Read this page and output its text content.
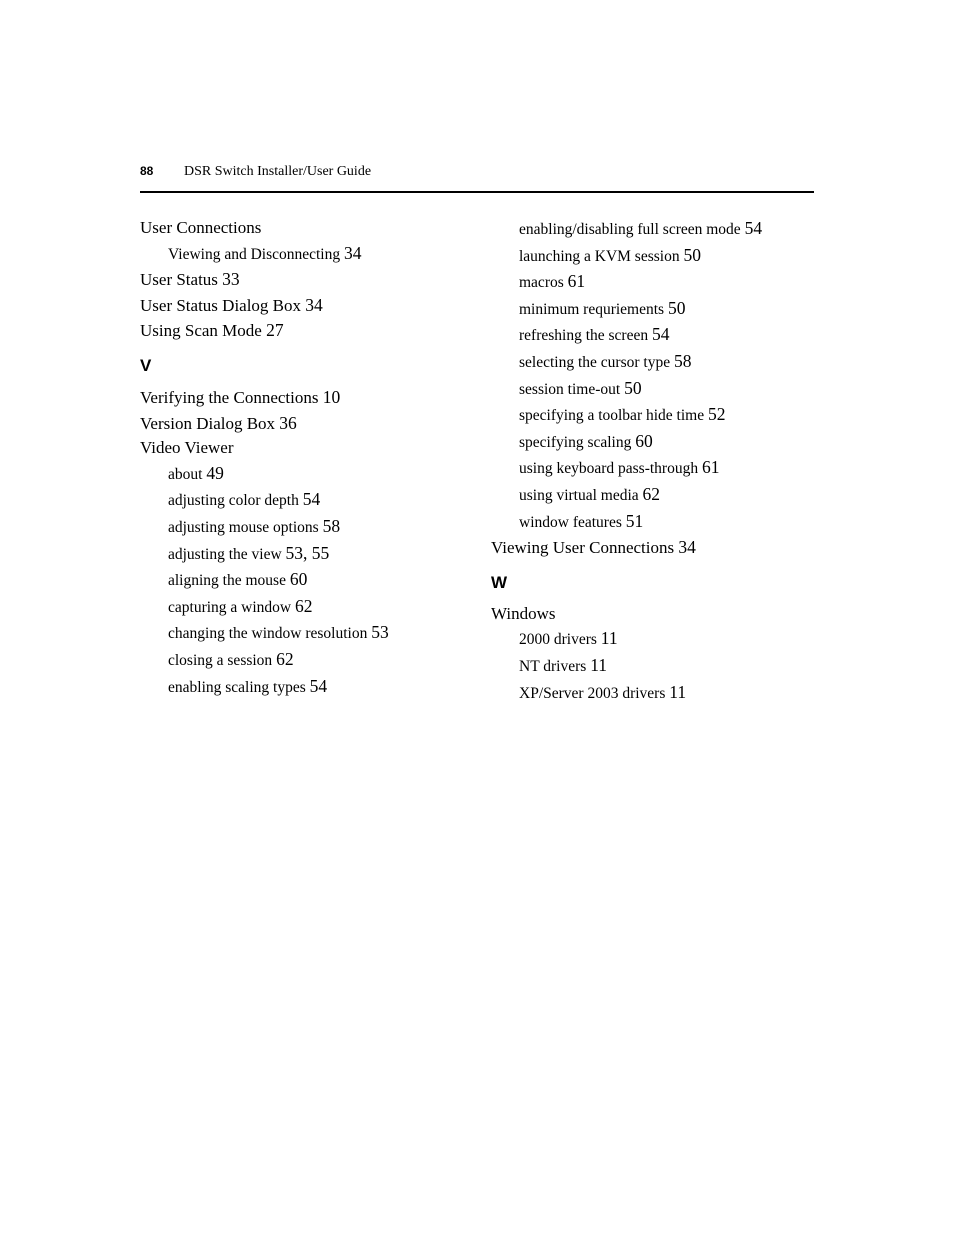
88 DSR Switch Installer/User Guide
User Connections
Viewing and Disconnecting 34
User Status 33
User Status Dialog Box 34
Using Scan Mode 27
V
Verifying the Connections 10
Version Dialog Box 36
Video Viewer
about 49
adjusting color depth 54
adjusting mouse options 58
adjusting the view 53, 55
aligning the mouse 60
capturing a window 62
changing the window resolution 53
closing a session 62
enabling scaling types 54
enabling/disabling full screen mode 54
launching a KVM session 50
macros 61
minimum requriements 50
refreshing the screen 54
selecting the cursor type 58
session time-out 50
specifying a toolbar hide time 52
specifying scaling 60
using keyboard pass-through 61
using virtual media 62
window features 51
Viewing User Connections 34
W
Windows
2000 drivers 11
NT drivers 11
XP/Server 2003 drivers 11
